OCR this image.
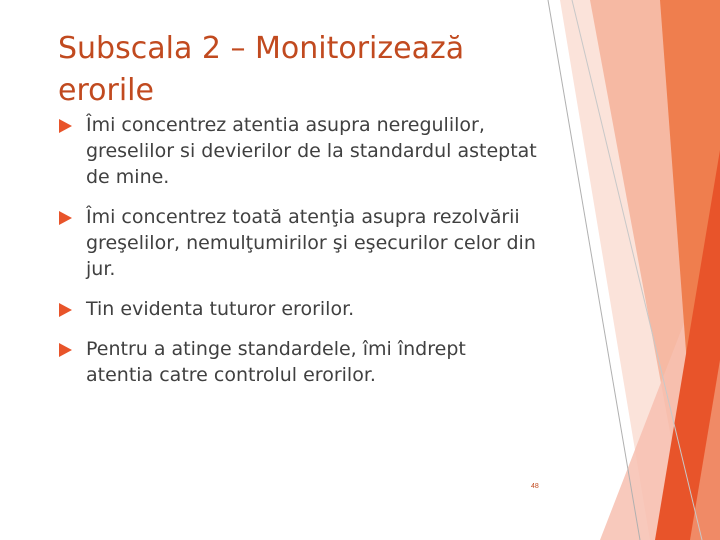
Subscala 2 – Monitorizează erorile
Îmi concentrez atentia asupra neregulilor, greselilor si devierilor de la standardul asteptat de mine.
Îmi concentrez toată atenţia asupra rezolvării greşelilor, nemulţumirilor şi eşecurilor celor din jur.
Tin evidenta tuturor erorilor.
Pentru a atinge standardele, îmi îndrept atentia catre controlul erorilor.
48
